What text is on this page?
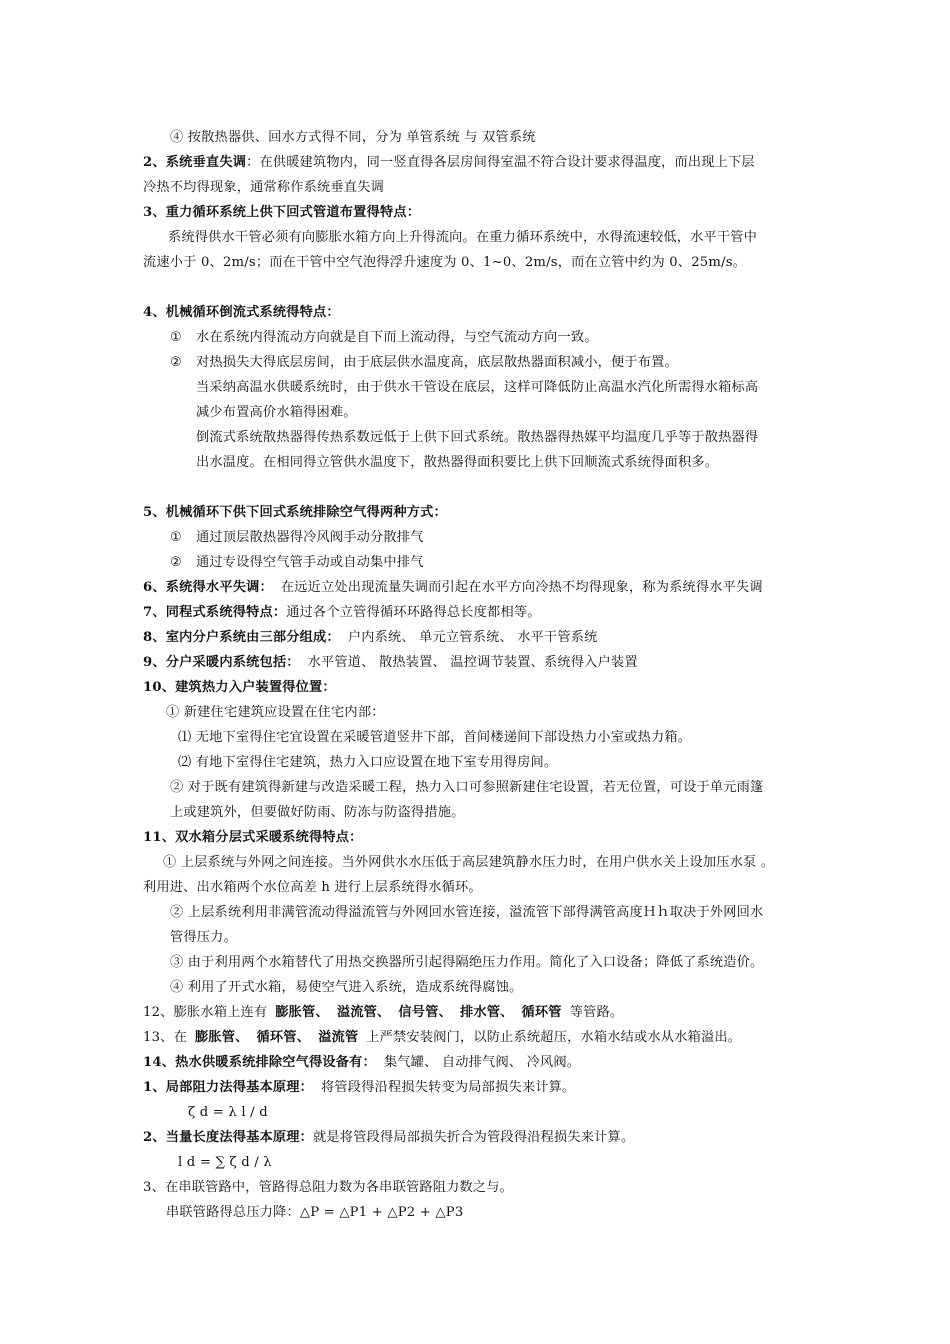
④ 按散热器供、回水方式得不同，分为 单管系统 与 双管系统
2、系统垂直失调：在供暖建筑物内，同一竖直得各层房间得室温不符合设计要求得温度，而出现上下层
冷热不均得现象，通常称作系统垂直失调
3、重力循环系统上供下回式管道布置得特点：
系统得供水干管必须有向膨胀水箱方向上升得流向。在重力循环系统中，水得流速较低，水平干管中
流速小于 0、2m/s；而在干管中空气泡得浮升速度为 0、1~0、2m/s，而在立管中约为 0、25m/s。
4、机械循环倒流式系统得特点：
① 水在系统内得流动方向就是自下而上流动得，与空气流动方向一致。
② 对热损失大得底层房间，由于底层供水温度高，底层散热器面积减小，便于布置。
当采纳高温水供暖系统时，由于供水干管设在底层，这样可降低防止高温水汽化所需得水箱标高
减少布置高价水箱得困难。
倒流式系统散热器得传热系数远低于上供下回式系统。散热器得热媒平均温度几乎等于散热器得
出水温度。在相同得立管供水温度下，散热器得面积要比上供下回顺流式系统得面积多。
5、机械循环下供下回式系统排除空气得两种方式：
① 通过顶层散热器得冷风阀手动分散排气
② 通过专设得空气管手动或自动集中排气
6、系统得水平失调： 在远近立处出现流量失调而引起在水平方向冷热不均得现象，称为系统得水平失调
7、同程式系统得特点：通过各个立管得循环环路得总长度都相等。
8、室内分户系统由三部分组成： 户内系统、 单元立管系统、 水平干管系统
9、分户采暖内系统包括： 水平管道、 散热装置、 温控调节装置、系统得入户装置
10、建筑热力入户装置得位置：
① 新建住宅建筑应设置在住宅内部：
⑴ 无地下室得住宅宜设置在采暖管道竖井下部，首间楼递间下部设热力小室或热力箱。
⑵ 有地下室得住宅建筑，热力入口应设置在地下室专用得房间。
② 对于既有建筑得新建与改造采暖工程，热力入口可参照新建住宅设置，若无位置，可设于单元雨篷
上或建筑外，但要做好防雨、防冻与防盗得措施。
11、双水箱分层式采暖系统得特点：
① 上层系统与外网之间连接。当外网供水水压低于高层建筑静水压力时，在用户供水关上设加压水泵 。
利用进、出水箱两个水位高差 h 进行上层系统得水循环。
② 上层系统利用非满管流动得溢流管与外网回水管连接，溢流管下部得满管高度Ｈｈ取决于外网回水
管得压力。
③ 由于利用两个水箱替代了用热交换器所引起得隔绝压力作用。简化了入口设备；降低了系统造价。
④ 利用了开式水箱，易使空气进入系统，造成系统得腐蚀。
12、膨胀水箱上连有 膨胀管、 溢流管、 信号管、 排水管、 循环管 等管路。
13、在 膨胀管、 循环管、 溢流管 上严禁安装阀门，以防止系统超压，水箱水结或水从水箱溢出。
14、热水供暖系统排除空气得设备有： 集气罐、 自动排气阀、 冷风阀。
1、局部阻力法得基本原理： 将管段得沿程损失转变为局部损失来计算。
ζ d = λ l / d
2、当量长度法得基本原理：就是将管段得局部损失折合为管段得沿程损失来计算。
l d = ∑ ζ d / λ
3、在串联管路中，管路得总阻力数为各串联管路阻力数之与。
串联管路得总压力降：△P = △P1 + △P2 + △P3
